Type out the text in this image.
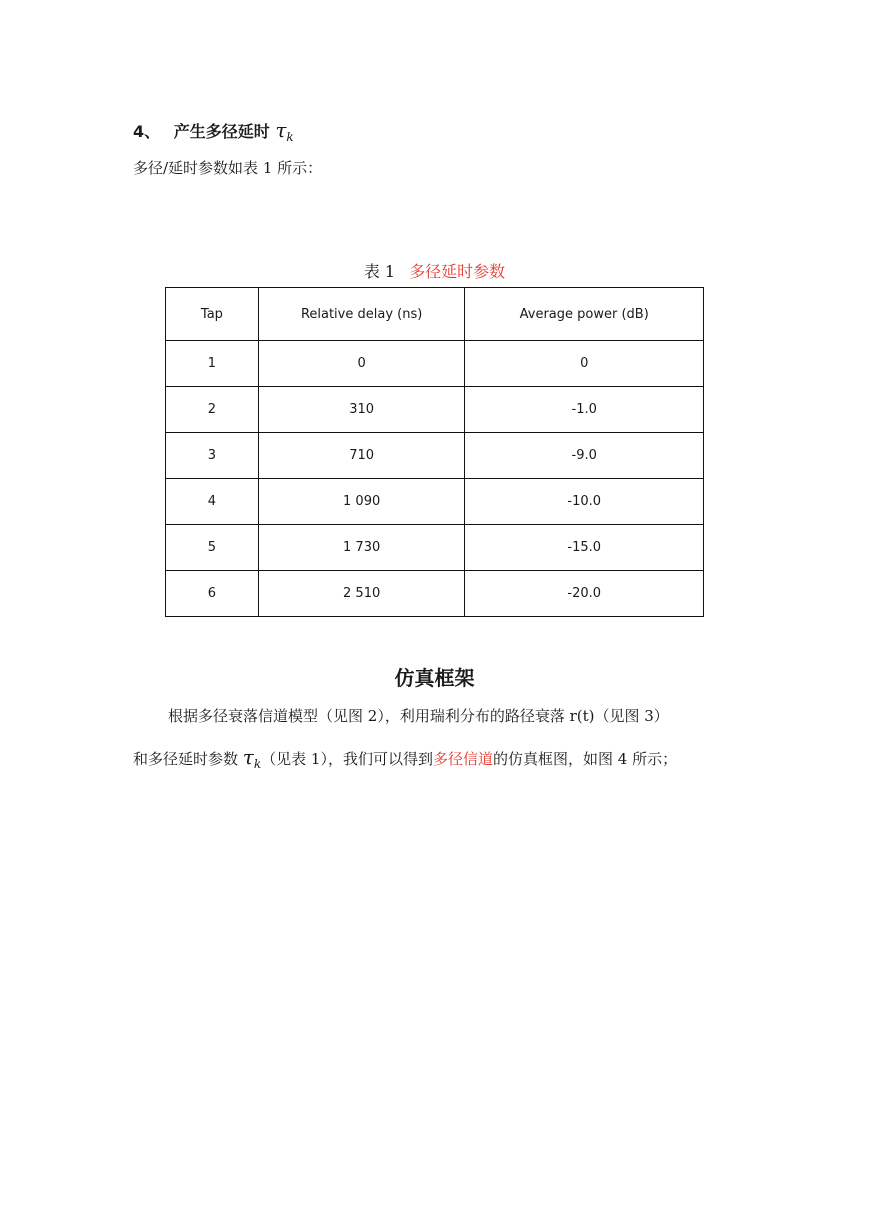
4、 产生多径延时 $\tau_k$
多径/延时参数如表 1 所示：
表 1 多径延时参数
Tap	Relative delay (ns)	Average power (dB)
1	0	0
2	310	-1.0
3	710	-9.0
4	1 090	-10.0
5	1 730	-15.0
6	2 510	-20.0
仿真框架
根据多径衰落信道模型（见图 2），利用瑞利分布的路径衰落 r(t)（见图 3）
和多径延时参数 $\tau_k$（见表 1），我们可以得到多径信道的仿真框图，如图 4 所示；
